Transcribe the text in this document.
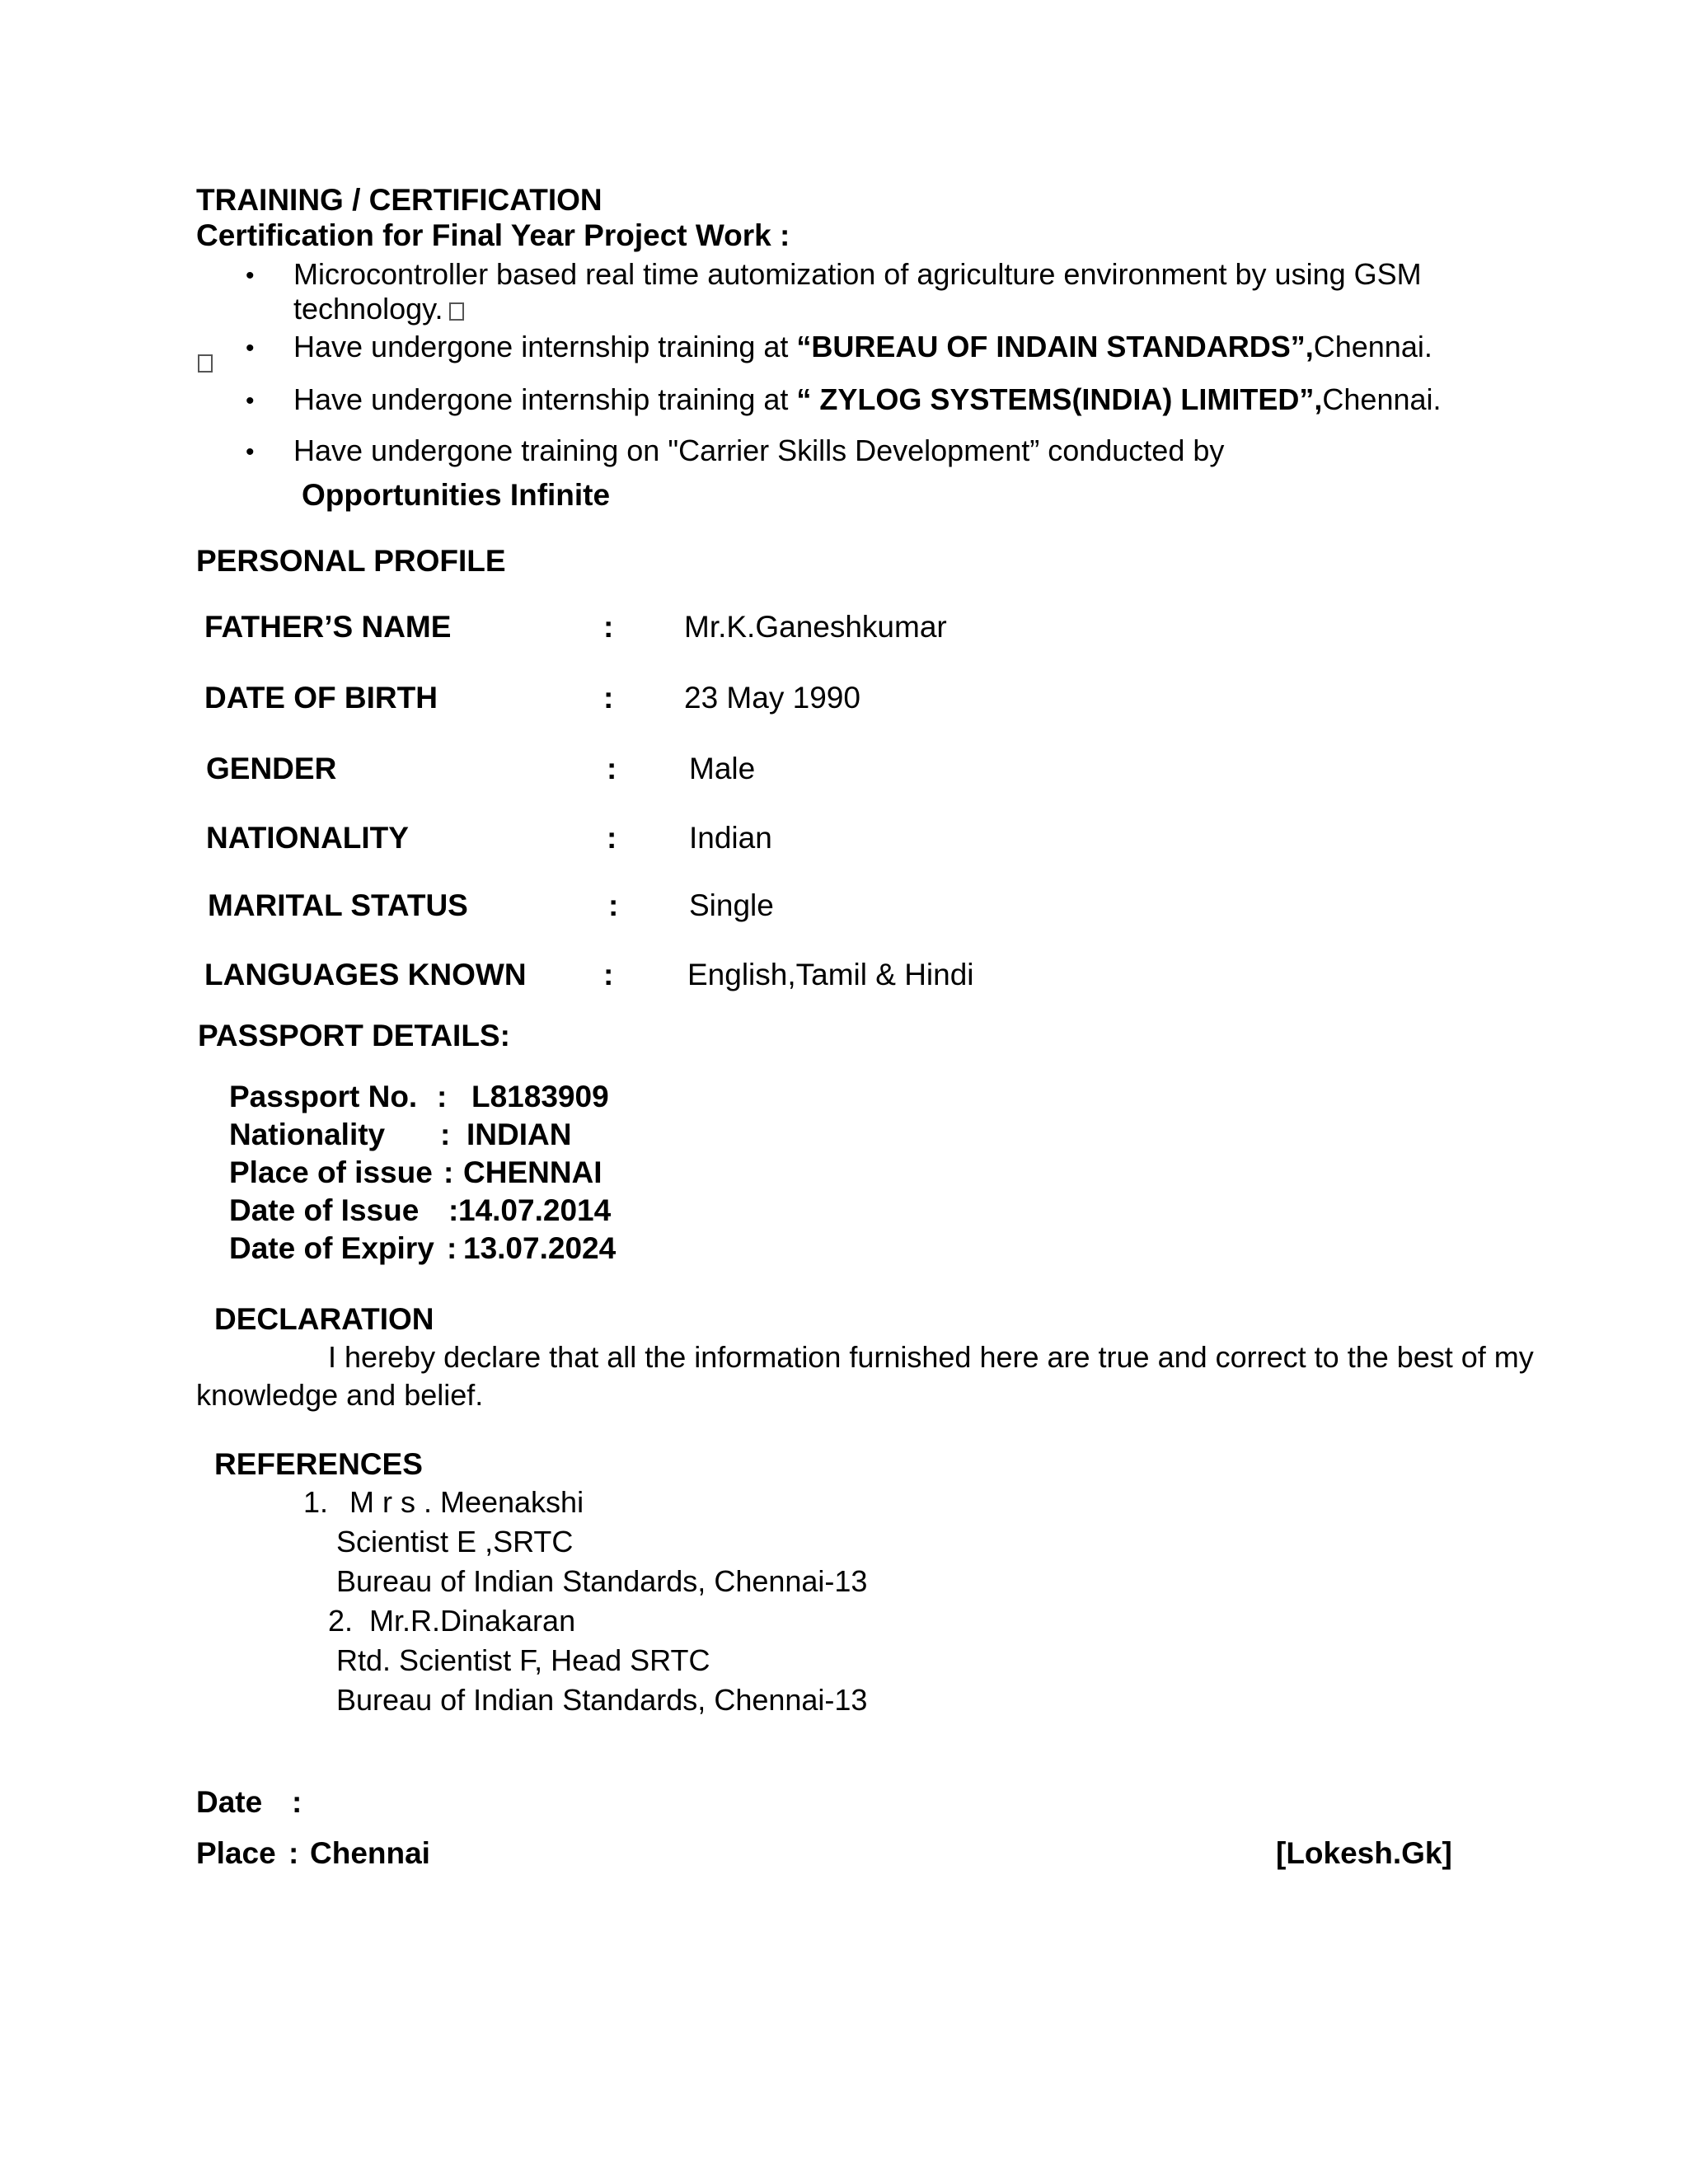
TRAINING / CERTIFICATION
Certification for Final Year Project Work :
• Microcontroller based real time automization of agriculture environment by using GSM
technology.
• Have undergone internship training at “BUREAU OF INDAIN STANDARDS”,Chennai.
• Have undergone internship training at “ ZYLOG SYSTEMS(INDIA) LIMITED”,Chennai.
• Have undergone training on "Carrier Skills Development” conducted by
Opportunities Infinite
PERSONAL PROFILE
FATHER’S NAME	: Mr.K.Ganeshkumar
DATE OF BIRTH	: 23 May 1990
GENDER	: Male
NATIONALITY	: Indian
MARITAL STATUS	: Single
LANGUAGES KNOWN	: English,Tamil & Hindi
PASSPORT DETAILS:
Passport No. : L8183909
Nationality : INDIAN
Place of issue : CHENNAI
Date of Issue : 14.07.2014
Date of Expiry : 13.07.2024
DECLARATION
I hereby declare that all the information furnished here are true and correct to the best of my
knowledge and belief.
REFERENCES
1. M r s . Meenakshi
Scientist E ,SRTC
Bureau of Indian Standards, Chennai-13
2. Mr.R.Dinakaran
Rtd. Scientist F, Head SRTC
Bureau of Indian Standards, Chennai-13
Date :
Place : Chennai	[Lokesh.Gk]
